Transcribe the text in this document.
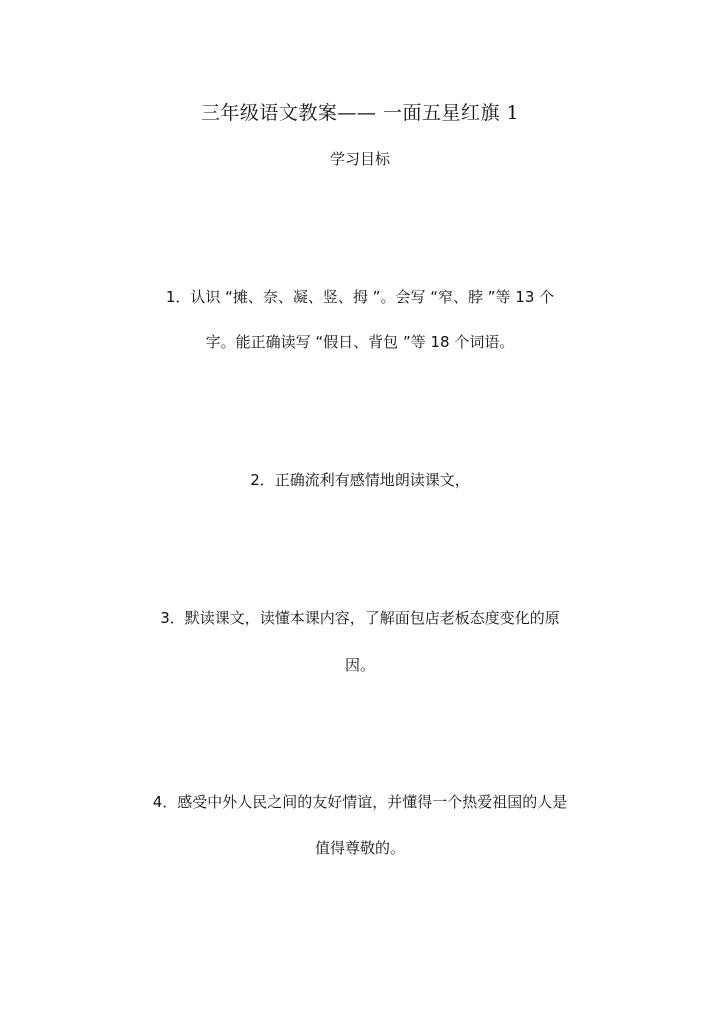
三年级语文教案—— 一面五星红旗 1
学习目标

1．认识 “摊、奈、凝、竖、拇 ”。会写 “窄、脖 ”等 13 个

字。能正确读写 “假日、背包 ”等 18 个词语。

2．正确流利有感情地朗读课文，

3．默读课文，读懂本课内容，了解面包店老板态度变化的原

因。

4．感受中外人民之间的友好情谊，并懂得一个热爱祖国的人是

值得尊敬的。
